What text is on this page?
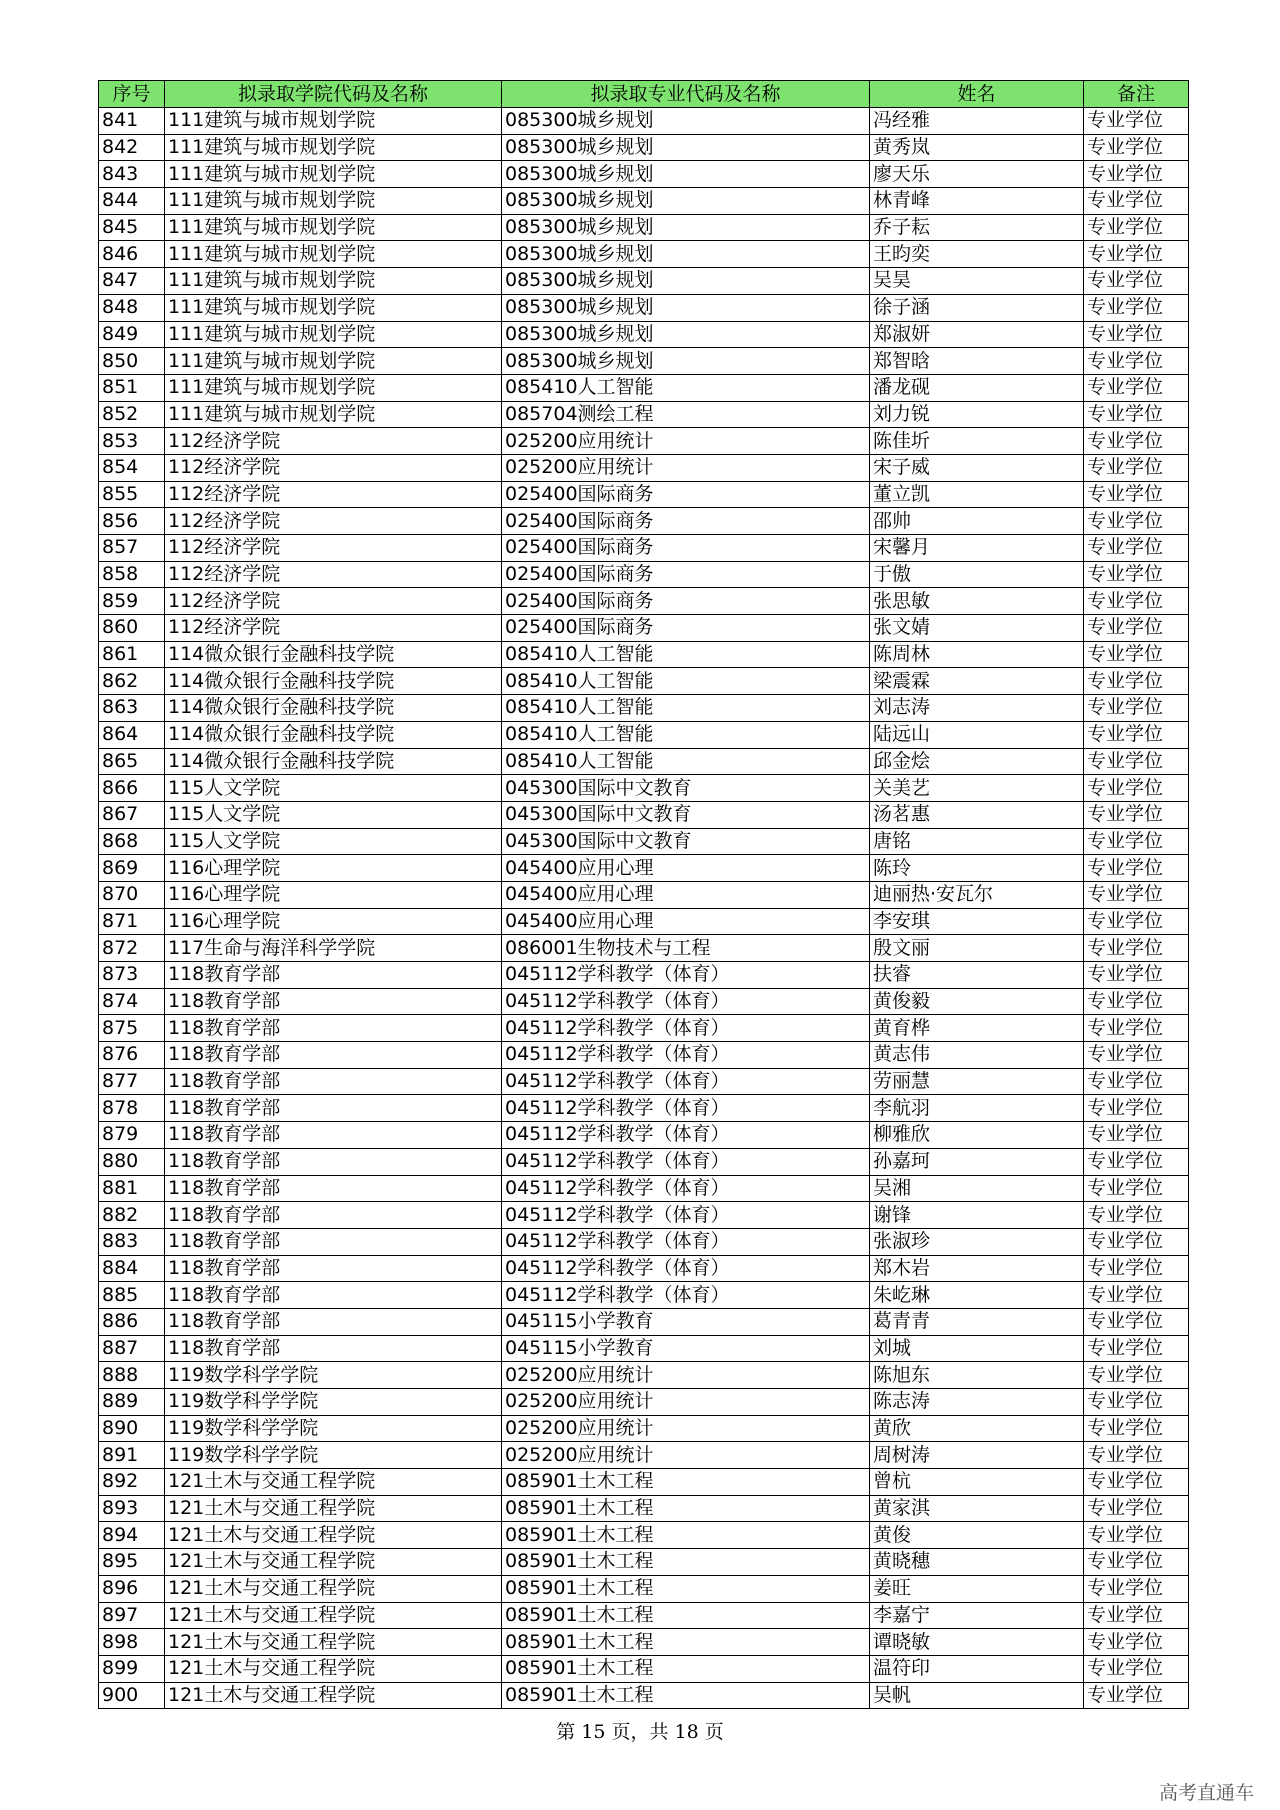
序号	拟录取学院代码及名称	拟录取专业代码及名称	姓名	备注
841	111建筑与城市规划学院	085300城乡规划	冯经雅	专业学位
842	111建筑与城市规划学院	085300城乡规划	黄秀岚	专业学位
843	111建筑与城市规划学院	085300城乡规划	廖天乐	专业学位
844	111建筑与城市规划学院	085300城乡规划	林青峰	专业学位
845	111建筑与城市规划学院	085300城乡规划	乔子耘	专业学位
846	111建筑与城市规划学院	085300城乡规划	王昀奕	专业学位
847	111建筑与城市规划学院	085300城乡规划	吴昊	专业学位
848	111建筑与城市规划学院	085300城乡规划	徐子涵	专业学位
849	111建筑与城市规划学院	085300城乡规划	郑淑妍	专业学位
850	111建筑与城市规划学院	085300城乡规划	郑智晗	专业学位
851	111建筑与城市规划学院	085410人工智能	潘龙砚	专业学位
852	111建筑与城市规划学院	085704测绘工程	刘力锐	专业学位
853	112经济学院	025200应用统计	陈佳圻	专业学位
854	112经济学院	025200应用统计	宋子威	专业学位
855	112经济学院	025400国际商务	董立凯	专业学位
856	112经济学院	025400国际商务	邵帅	专业学位
857	112经济学院	025400国际商务	宋馨月	专业学位
858	112经济学院	025400国际商务	于傲	专业学位
859	112经济学院	025400国际商务	张思敏	专业学位
860	112经济学院	025400国际商务	张文婧	专业学位
861	114微众银行金融科技学院	085410人工智能	陈周林	专业学位
862	114微众银行金融科技学院	085410人工智能	梁震霖	专业学位
863	114微众银行金融科技学院	085410人工智能	刘志涛	专业学位
864	114微众银行金融科技学院	085410人工智能	陆远山	专业学位
865	114微众银行金融科技学院	085410人工智能	邱金烩	专业学位
866	115人文学院	045300国际中文教育	关美艺	专业学位
867	115人文学院	045300国际中文教育	汤茗惠	专业学位
868	115人文学院	045300国际中文教育	唐铭	专业学位
869	116心理学院	045400应用心理	陈玲	专业学位
870	116心理学院	045400应用心理	迪丽热·安瓦尔	专业学位
871	116心理学院	045400应用心理	李安琪	专业学位
872	117生命与海洋科学学院	086001生物技术与工程	殷文丽	专业学位
873	118教育学部	045112学科教学（体育）	扶睿	专业学位
874	118教育学部	045112学科教学（体育）	黄俊毅	专业学位
875	118教育学部	045112学科教学（体育）	黄育桦	专业学位
876	118教育学部	045112学科教学（体育）	黄志伟	专业学位
877	118教育学部	045112学科教学（体育）	劳丽慧	专业学位
878	118教育学部	045112学科教学（体育）	李航羽	专业学位
879	118教育学部	045112学科教学（体育）	柳雅欣	专业学位
880	118教育学部	045112学科教学（体育）	孙嘉珂	专业学位
881	118教育学部	045112学科教学（体育）	吴湘	专业学位
882	118教育学部	045112学科教学（体育）	谢锋	专业学位
883	118教育学部	045112学科教学（体育）	张淑珍	专业学位
884	118教育学部	045112学科教学（体育）	郑木岩	专业学位
885	118教育学部	045112学科教学（体育）	朱屹琳	专业学位
886	118教育学部	045115小学教育	葛青青	专业学位
887	118教育学部	045115小学教育	刘城	专业学位
888	119数学科学学院	025200应用统计	陈旭东	专业学位
889	119数学科学学院	025200应用统计	陈志涛	专业学位
890	119数学科学学院	025200应用统计	黄欣	专业学位
891	119数学科学学院	025200应用统计	周树涛	专业学位
892	121土木与交通工程学院	085901土木工程	曾杭	专业学位
893	121土木与交通工程学院	085901土木工程	黄家淇	专业学位
894	121土木与交通工程学院	085901土木工程	黄俊	专业学位
895	121土木与交通工程学院	085901土木工程	黄晓穗	专业学位
896	121土木与交通工程学院	085901土木工程	姜旺	专业学位
897	121土木与交通工程学院	085901土木工程	李嘉宁	专业学位
898	121土木与交通工程学院	085901土木工程	谭晓敏	专业学位
899	121土木与交通工程学院	085901土木工程	温符印	专业学位
900	121土木与交通工程学院	085901土木工程	吴帆	专业学位
第 15 页，共 18 页
高考直通车
